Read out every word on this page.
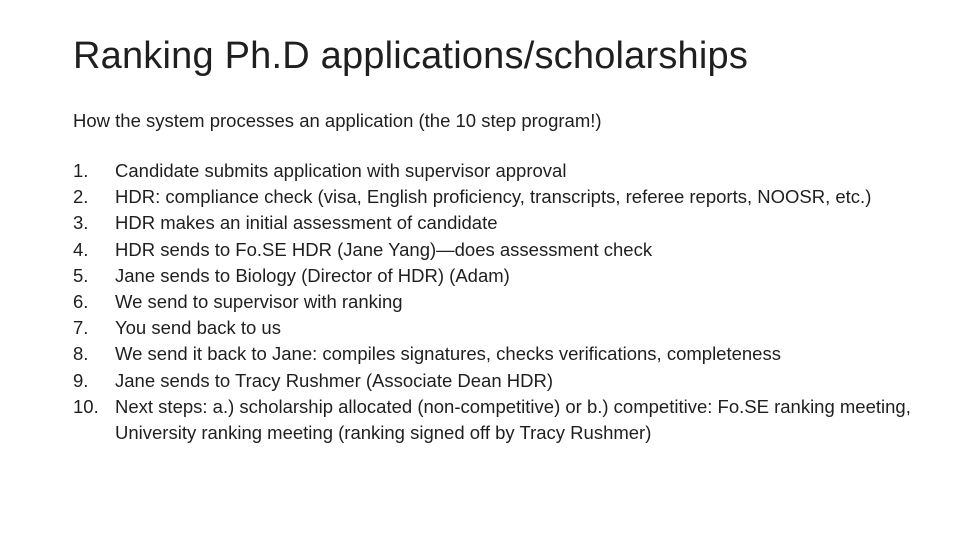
Ranking Ph.D applications/scholarships
How the system processes an application (the 10 step program!)
1.	Candidate submits application with supervisor approval
2.	HDR: compliance check (visa, English proficiency, transcripts, referee reports, NOOSR, etc.)
3.	HDR makes an initial assessment of candidate
4.	HDR sends to Fo.SE HDR (Jane Yang)—does assessment check
5.	Jane sends to Biology (Director of HDR) (Adam)
6.	We send to supervisor with ranking
7.	You send back to us
8.	We send it back to Jane: compiles signatures, checks verifications, completeness
9.	Jane sends to Tracy Rushmer (Associate Dean HDR)
10. Next steps: a.) scholarship allocated (non-competitive) or b.) competitive: Fo.SE ranking meeting, University ranking meeting (ranking signed off by Tracy Rushmer)
